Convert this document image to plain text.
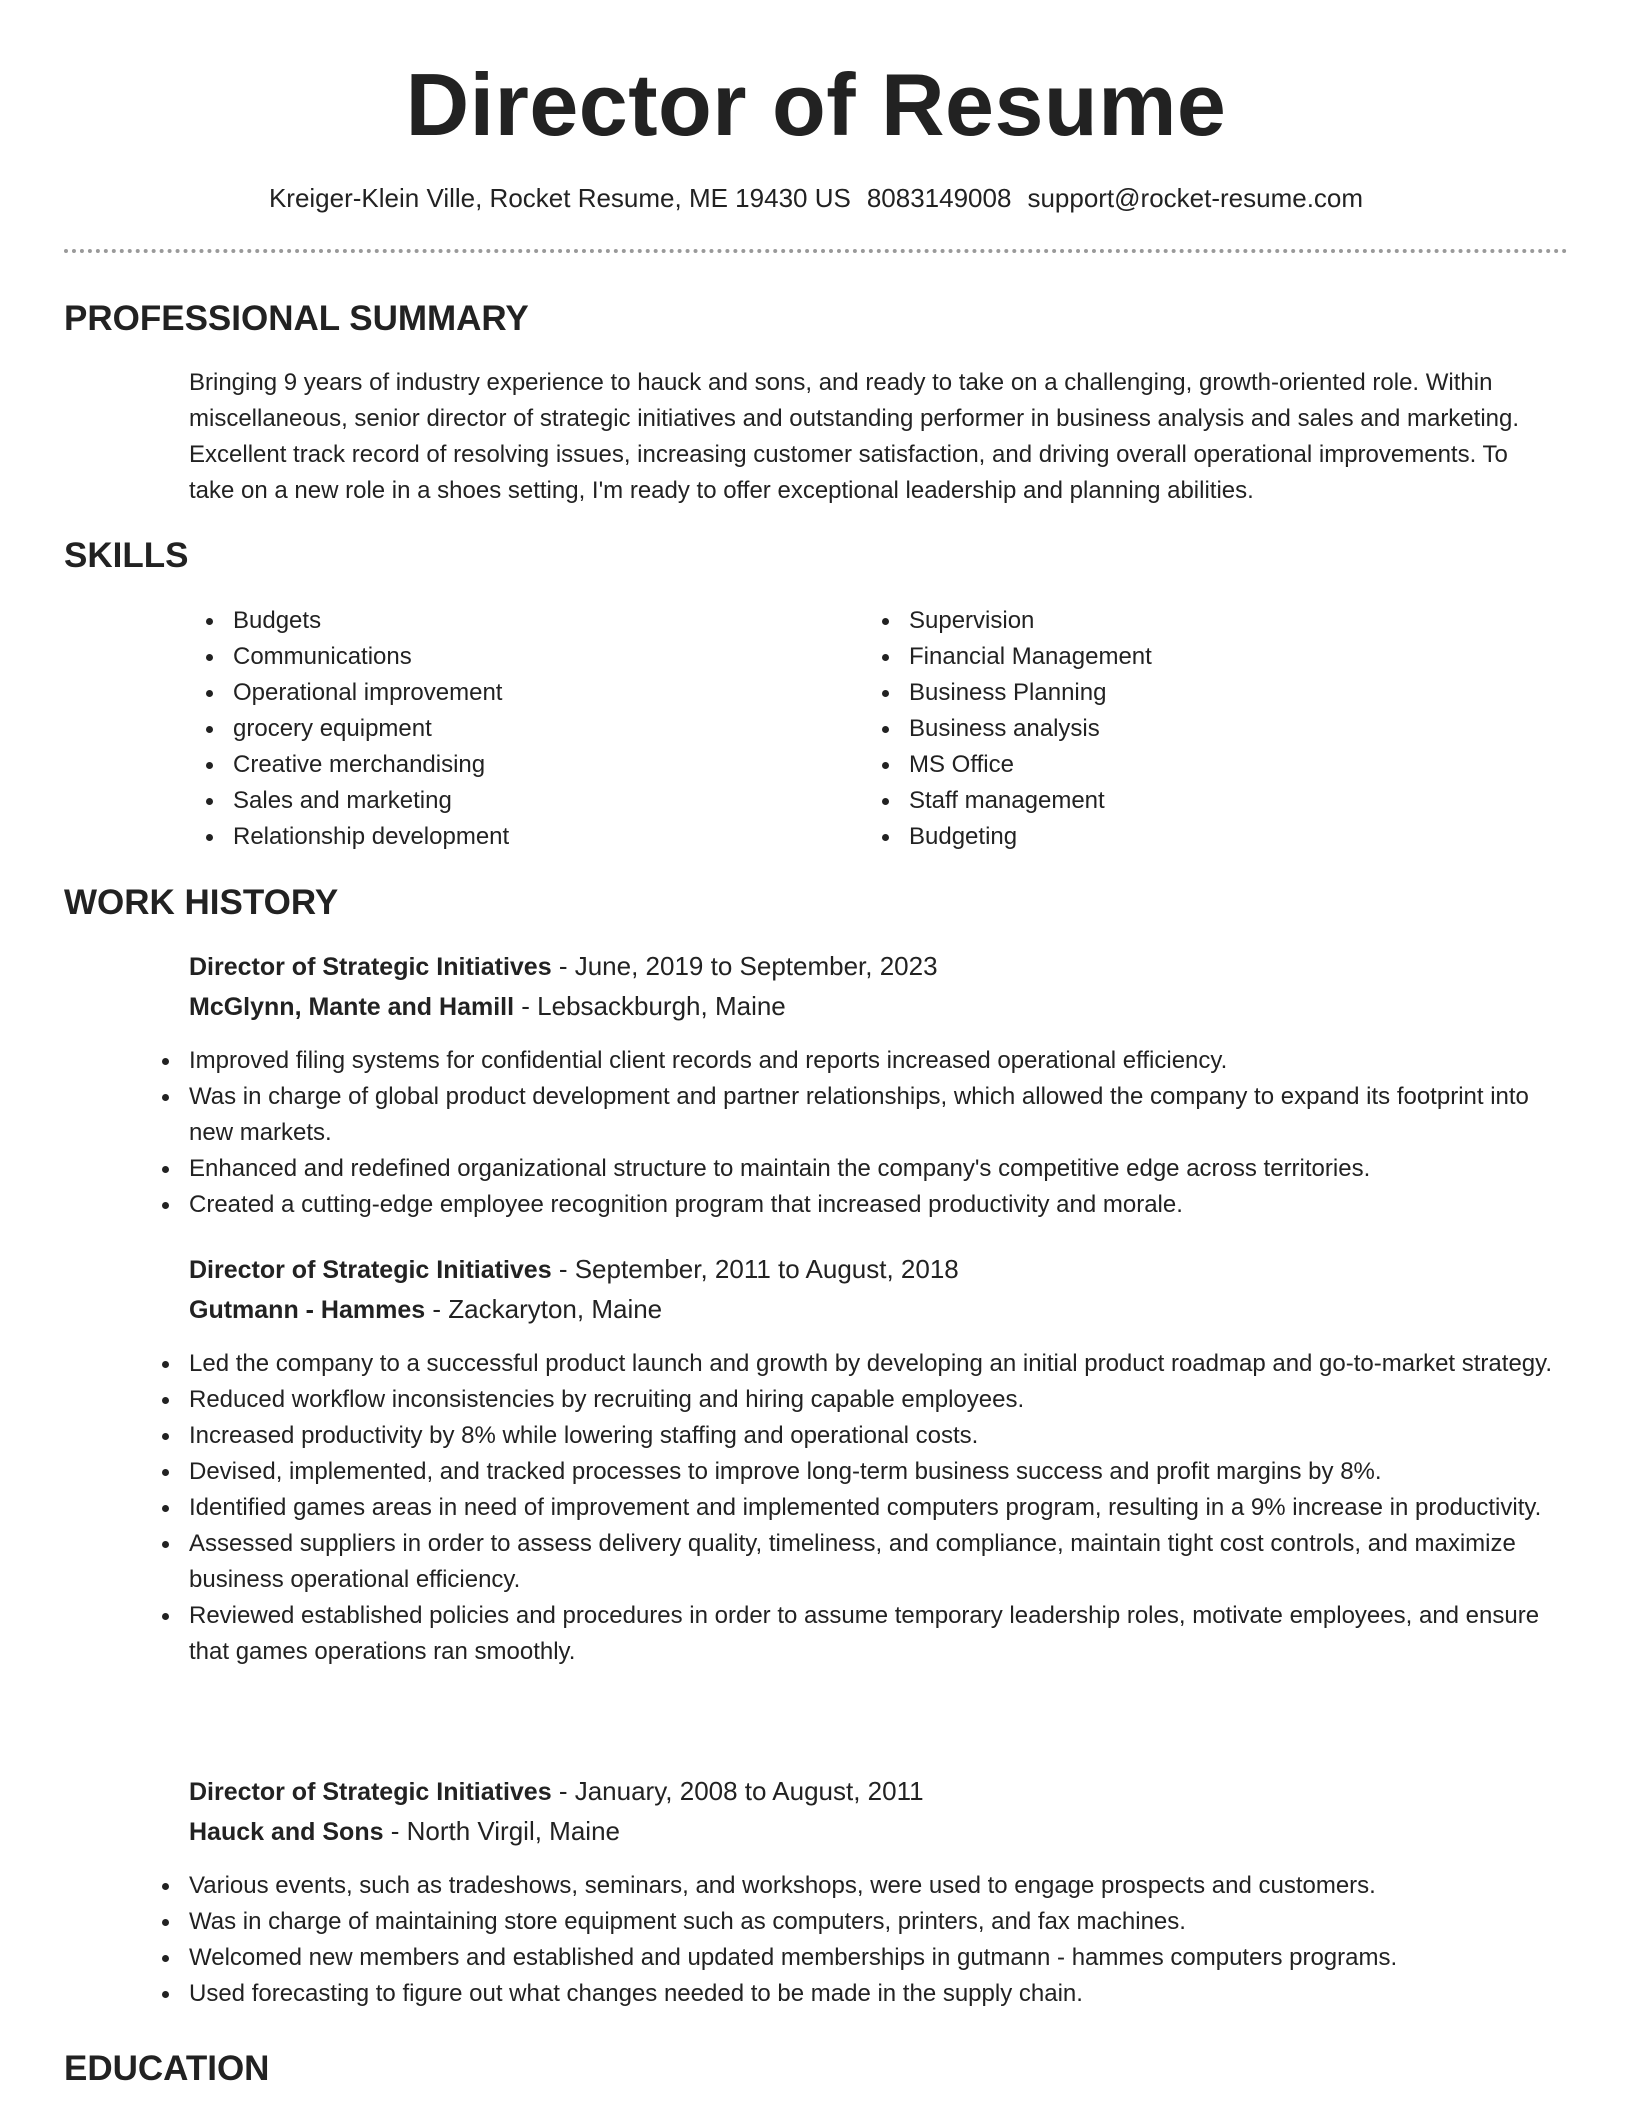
Director of Resume
Kreiger-Klein Ville, Rocket Resume, ME 19430 US 8083149008 support@rocket-resume.com
PROFESSIONAL SUMMARY

Bringing 9 years of industry experience to hauck and sons, and ready to take on a challenging, growth-oriented role. Within miscellaneous, senior director of strategic initiatives and outstanding performer in business analysis and sales and marketing. Excellent track record of resolving issues, increasing customer satisfaction, and driving overall operational improvements. To take on a new role in a shoes setting, I'm ready to offer exceptional leadership and planning abilities.

SKILLS
Budgets
Communications
Operational improvement
grocery equipment
Creative merchandising
Sales and marketing
Relationship development
Supervision
Financial Management
Business Planning
Business analysis
MS Office
Staff management
Budgeting
WORK HISTORY
Director of Strategic Initiatives - June, 2019 to September, 2023
McGlynn, Mante and Hamill - Lebsackburgh, Maine
Improved filing systems for confidential client records and reports increased operational efficiency.
Was in charge of global product development and partner relationships, which allowed the company to expand its footprint into new markets.
Enhanced and redefined organizational structure to maintain the company's competitive edge across territories.
Created a cutting-edge employee recognition program that increased productivity and morale.
Director of Strategic Initiatives - September, 2011 to August, 2018
Gutmann - Hammes - Zackaryton, Maine
Led the company to a successful product launch and growth by developing an initial product roadmap and go-to-market strategy.
Reduced workflow inconsistencies by recruiting and hiring capable employees.
Increased productivity by 8% while lowering staffing and operational costs.
Devised, implemented, and tracked processes to improve long-term business success and profit margins by 8%.
Identified games areas in need of improvement and implemented computers program, resulting in a 9% increase in productivity.
Assessed suppliers in order to assess delivery quality, timeliness, and compliance, maintain tight cost controls, and maximize business operational efficiency.
Reviewed established policies and procedures in order to assume temporary leadership roles, motivate employees, and ensure that games operations ran smoothly.
Director of Strategic Initiatives - January, 2008 to August, 2011
Hauck and Sons - North Virgil, Maine
Various events, such as tradeshows, seminars, and workshops, were used to engage prospects and customers.
Was in charge of maintaining store equipment such as computers, printers, and fax machines.
Welcomed new members and established and updated memberships in gutmann - hammes computers programs.
Used forecasting to figure out what changes needed to be made in the supply chain.
EDUCATION
